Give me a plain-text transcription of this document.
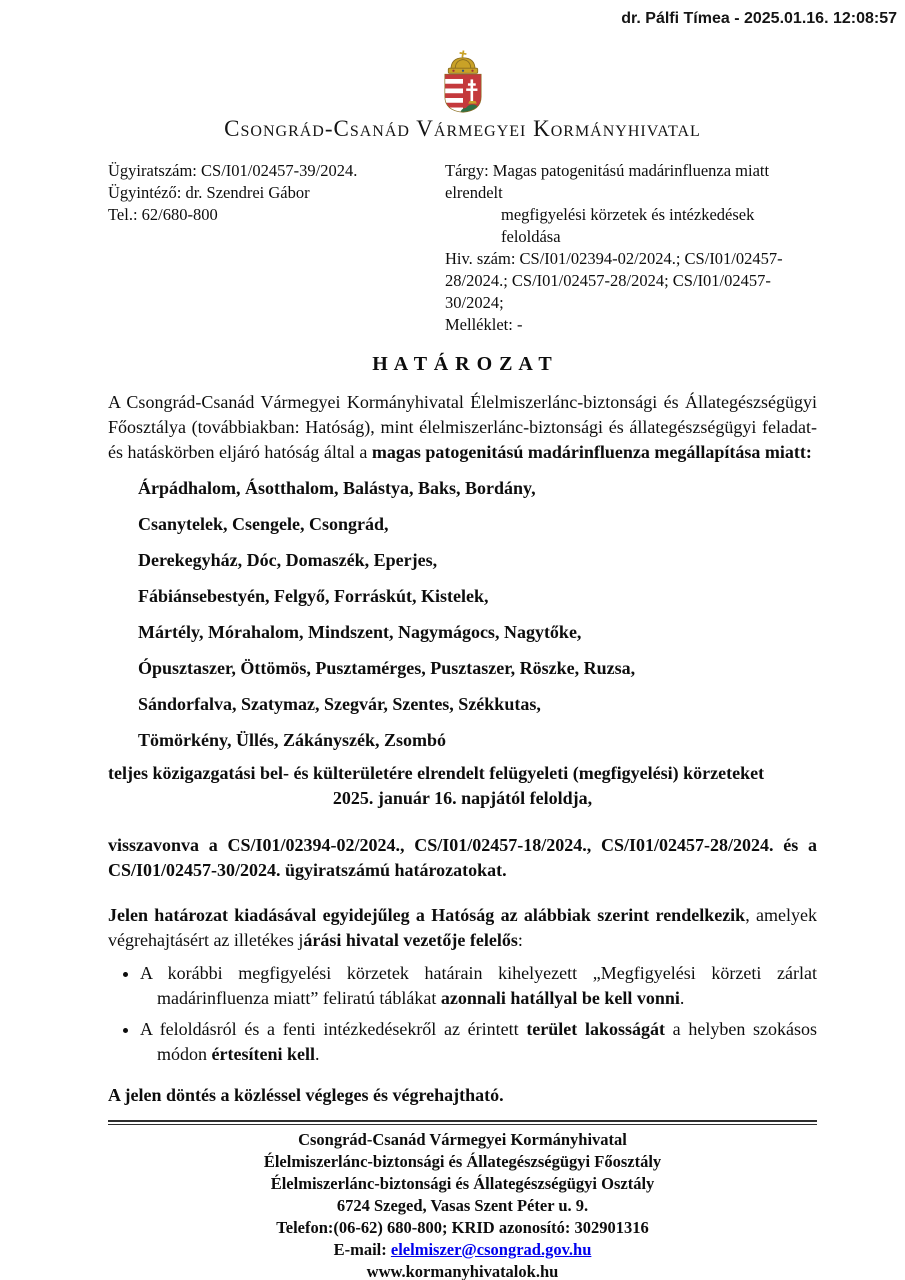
dr. Pálfi Tímea - 2025.01.16. 12:08:57
Csongrád-Csanád Vármegyei Kormányhivatal
Ügyiratszám: CS/I01/02457-39/2024.
Ügyintéző: dr. Szendrei Gábor
Tel.: 62/680-800
Tárgy: Magas patogenitású madárinfluenza miatt elrendelt
megfigyelési körzetek és intézkedések feloldása
Hiv. szám: CS/I01/02394-02/2024.; CS/I01/02457-
28/2024.; CS/I01/02457-28/2024; CS/I01/02457-30/2024;
Melléklet: -
H A T Á R O Z A T

A Csongrád-Csanád Vármegyei Kormányhivatal Élelmiszerlánc-biztonsági és Állategészségügyi Főosztálya (továbbiakban: Hatóság), mint élelmiszerlánc-biztonsági és állategészségügyi feladat- és hatáskörben eljáró hatóság által a magas patogenitású madárinfluenza megállapítása miatt:

Árpádhalom, Ásotthalom, Balástya, Baks, Bordány,
Csanytelek, Csengele, Csongrád,
Derekegyház, Dóc, Domaszék, Eperjes,
Fábiánsebestyén, Felgyő, Forráskút, Kistelek,
Mártély, Mórahalom, Mindszent, Nagymágocs, Nagytőke,
Ópusztaszer, Öttömös, Pusztamérges, Pusztaszer, Röszke, Ruzsa,
Sándorfalva, Szatymaz, Szegvár, Szentes, Székkutas,
Tömörkény, Üllés, Zákányszék, Zsombó

teljes közigazgatási bel- és külterületére elrendelt felügyeleti (megfigyelési) körzeteket

2025. január 16. napjától feloldja,

visszavonva a CS/I01/02394-02/2024., CS/I01/02457-18/2024., CS/I01/02457-28/2024. és a CS/I01/02457-30/2024. ügyiratszámú határozatokat.

Jelen határozat kiadásával egyidejűleg a Hatóság az alábbiak szerint rendelkezik, amelyek végrehajtásért az illetékes járási hivatal vezetője felelős:

• A korábbi megfigyelési körzetek határain kihelyezett „Megfigyelési körzeti zárlat madárinfluenza miatt” feliratú táblákat azonnali hatállyal be kell vonni.
• A feloldásról és a fenti intézkedésekről az érintett terület lakosságát a helyben szokásos módon értesíteni kell.

A jelen döntés a közléssel végleges és végrehajtható.

Csongrád-Csanád Vármegyei Kormányhivatal
Élelmiszerlánc-biztonsági és Állategészségügyi Főosztály
Élelmiszerlánc-biztonsági és Állategészségügyi Osztály
6724 Szeged, Vasas Szent Péter u. 9.
Telefon:(06-62) 680-800; KRID azonosító: 302901316
E-mail: elelmiszer@csongrad.gov.hu
www.kormanyhivatalok.hu
